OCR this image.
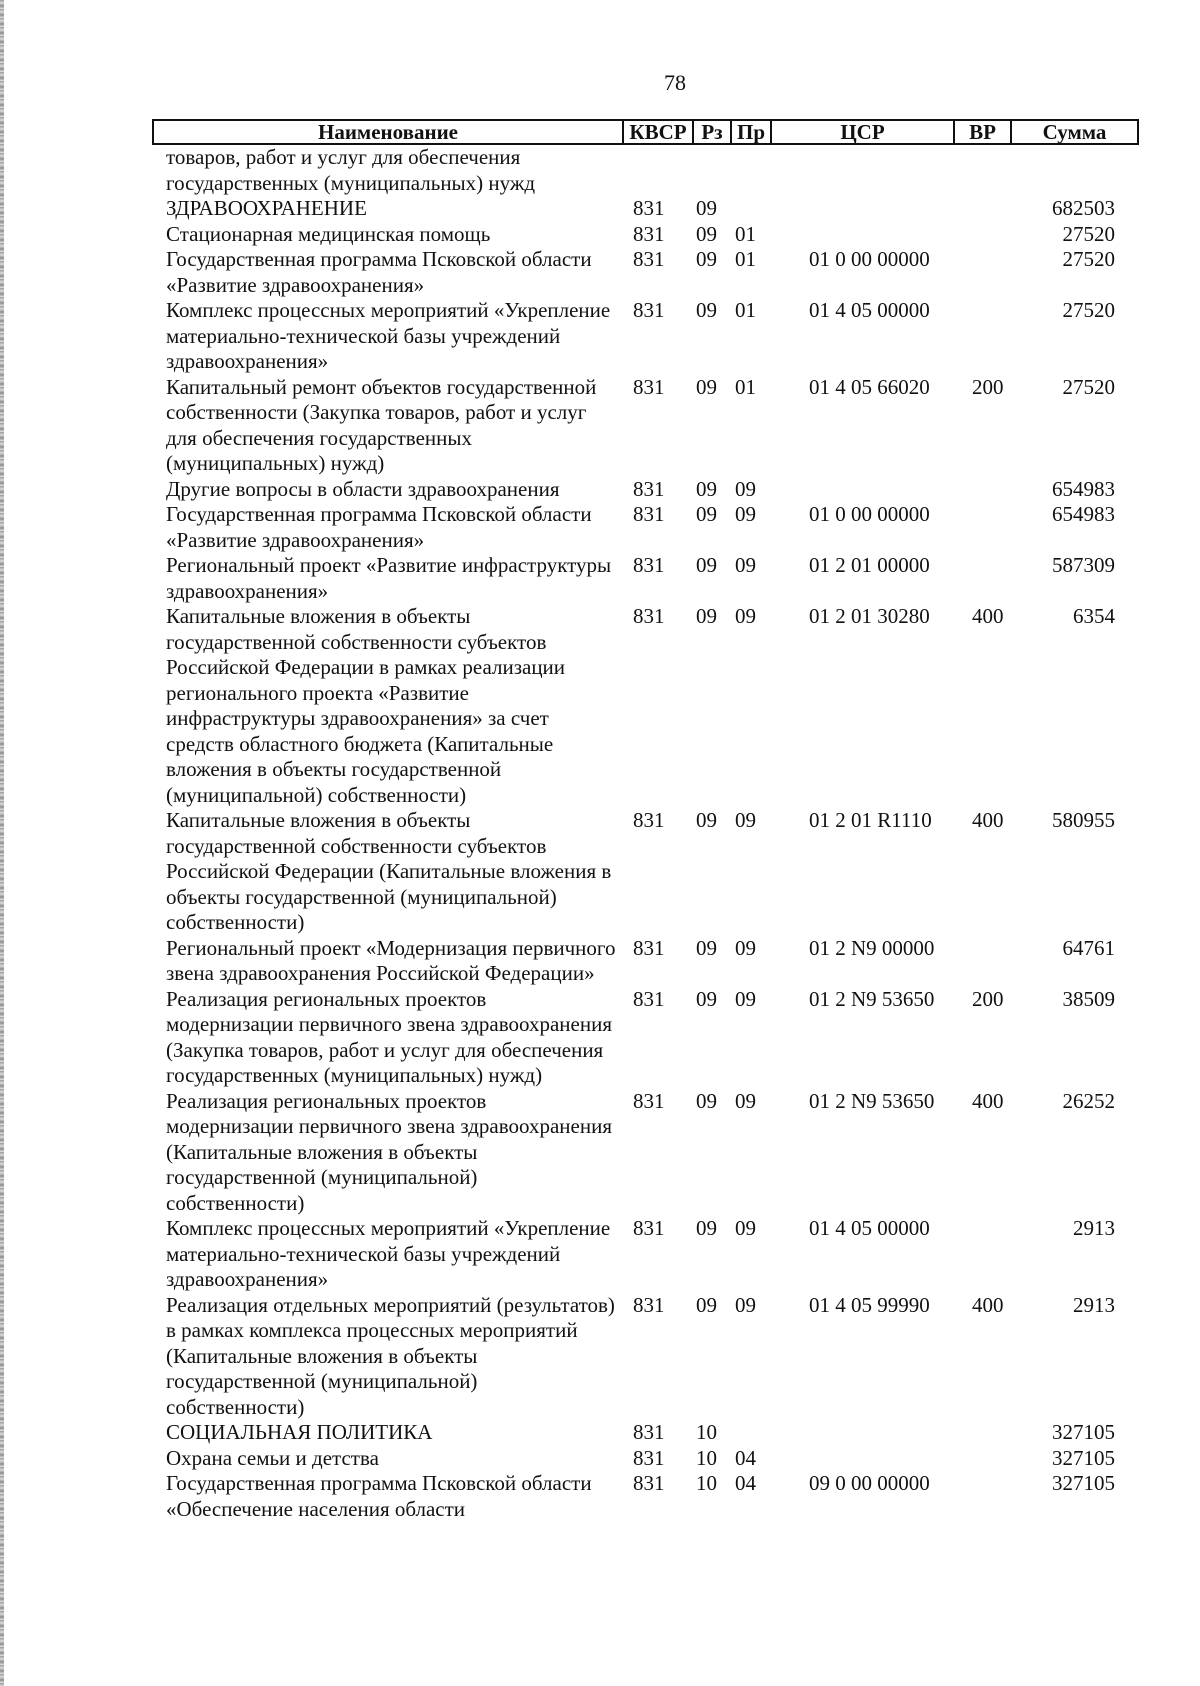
78
Наименование	КВСР	Рз	Пр	ЦСР	ВР	Сумма
товаров, работ и услуг для обеспечения государственных (муниципальных) нужд						
ЗДРАВООХРАНЕНИЕ	831	09				682503
Стационарная медицинская помощь	831	09	01			27520
Государственная программа Псковской области «Развитие здравоохранения»	831	09	01	01 0 00 00000		27520
Комплекс процессных мероприятий «Укрепление материально-технической базы учреждений здравоохранения»	831	09	01	01 4 05 00000		27520
Капитальный ремонт объектов государственной собственности (Закупка товаров, работ и услуг для обеспечения государственных (муниципальных) нужд)	831	09	01	01 4 05 66020	200	27520
Другие вопросы в области здравоохранения	831	09	09			654983
Государственная программа Псковской области «Развитие здравоохранения»	831	09	09	01 0 00 00000		654983
Региональный проект «Развитие инфраструктуры здравоохранения»	831	09	09	01 2 01 00000		587309
Капитальные вложения в объекты государственной собственности субъектов Российской Федерации в рамках реализации регионального проекта «Развитие инфраструктуры здравоохранения» за счет средств областного бюджета (Капитальные вложения в объекты государственной (муниципальной) собственности)	831	09	09	01 2 01 30280	400	6354
Капитальные вложения в объекты государственной собственности субъектов Российской Федерации (Капитальные вложения в объекты государственной (муниципальной) собственности)	831	09	09	01 2 01 R1110	400	580955
Региональный проект «Модернизация первичного звена здравоохранения Российской Федерации»	831	09	09	01 2 N9 00000		64761
Реализация региональных проектов модернизации первичного звена здравоохранения (Закупка товаров, работ и услуг для обеспечения государственных (муниципальных) нужд)	831	09	09	01 2 N9 53650	200	38509
Реализация региональных проектов модернизации первичного звена здравоохранения (Капитальные вложения в объекты государственной (муниципальной) собственности)	831	09	09	01 2 N9 53650	400	26252
Комплекс процессных мероприятий «Укрепление материально-технической базы учреждений здравоохранения»	831	09	09	01 4 05 00000		2913
Реализация отдельных мероприятий (результатов) в рамках комплекса процессных мероприятий (Капитальные вложения в объекты государственной (муниципальной) собственности)	831	09	09	01 4 05 99990	400	2913
СОЦИАЛЬНАЯ ПОЛИТИКА	831	10				327105
Охрана семьи и детства	831	10	04			327105
Государственная программа Псковской области «Обеспечение населения области	831	10	04	09 0 00 00000		327105
